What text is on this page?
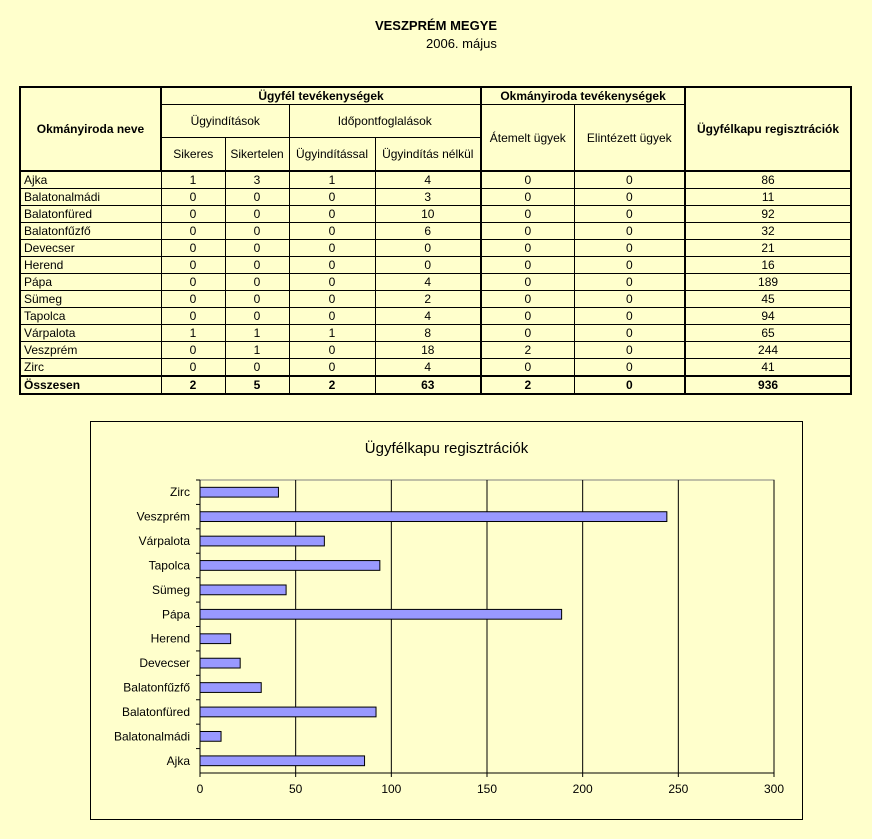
VESZPRÉM MEGYE
2006. május
Okmányiroda neve	Ügyfél tevékenységek				Okmányiroda tevékenységek		Ügyfélkapu regisztrációk
	Ügyindítások		Időpontfoglalások		Átemelt ügyek	Elintézett ügyek	
	Sikeres	Sikertelen	Ügyindítással	Ügyindítás nélkül			
Ajka	1	3	1	4	0	0	86
Balatonalmádi	0	0	0	3	0	0	11
Balatonfüred	0	0	0	10	0	0	92
Balatonfűzfő	0	0	0	6	0	0	32
Devecser	0	0	0	0	0	0	21
Herend	0	0	0	0	0	0	16
Pápa	0	0	0	4	0	0	189
Sümeg	0	0	0	2	0	0	45
Tapolca	0	0	0	4	0	0	94
Várpalota	1	1	1	8	0	0	65
Veszprém	0	1	0	18	2	0	244
Zirc	0	0	0	4	0	0	41
Összesen	2	5	2	63	2	0	936
Ügyfélkapu regisztrációk
0	50	100	150	200	250	300
Zirc
Veszprém
Várpalota
Tapolca
Sümeg
Pápa
Herend
Devecser
Balatonfűzfő
Balatonfüred
Balatonalmádi
Ajka
